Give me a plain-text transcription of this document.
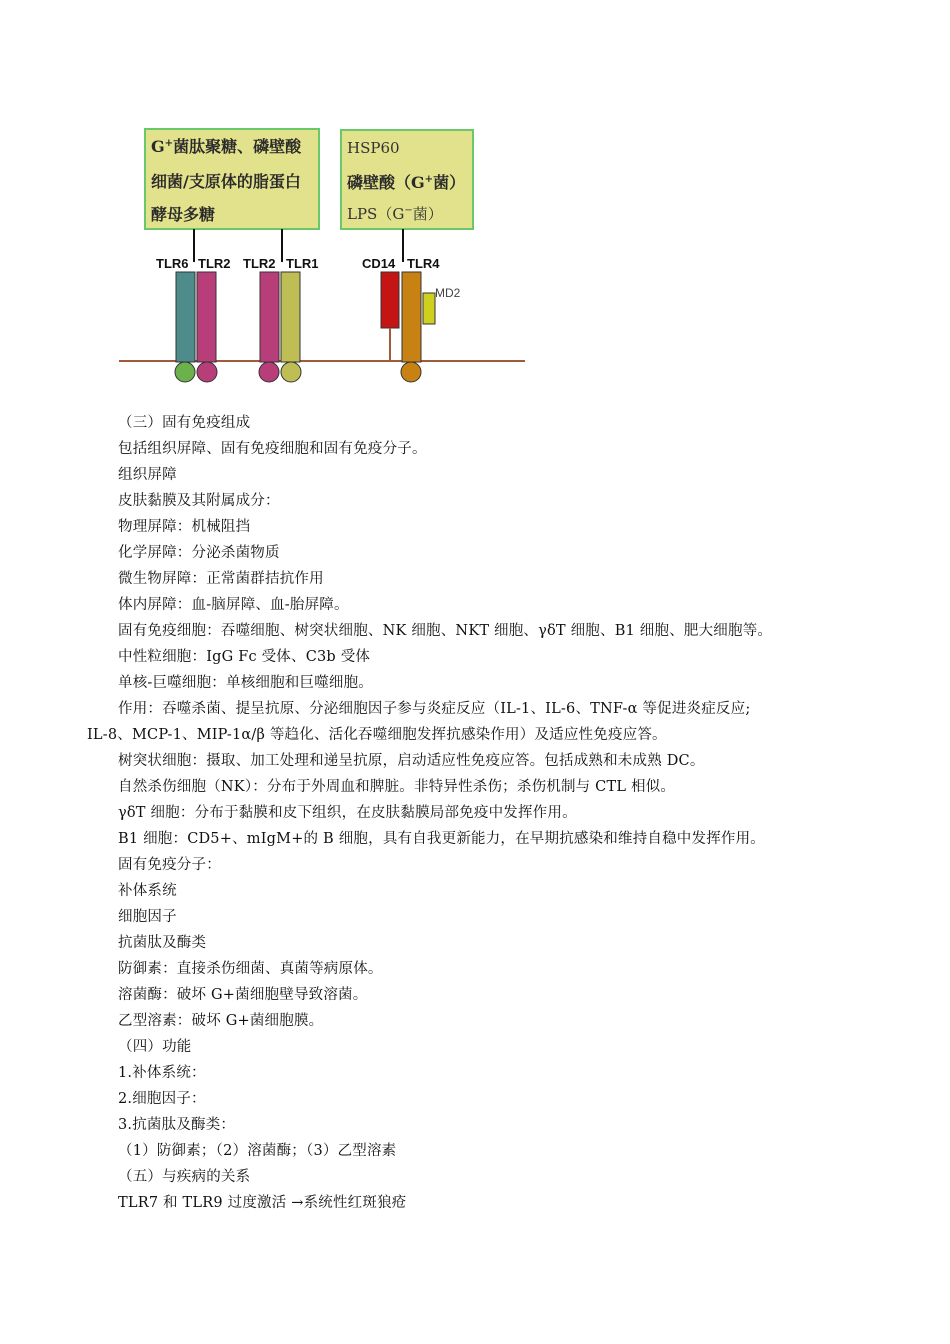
G+菌肽聚糖、磷壁酸
细菌/支原体的脂蛋白
酵母多糖
HSP60
磷壁酸（G+菌）
LPS（G−菌）
TLR6 TLR2 TLR2 TLR1	CD14 TLR4
MD2
（三）固有免疫组成
包括组织屏障、固有免疫细胞和固有免疫分子。
组织屏障
皮肤黏膜及其附属成分：
物理屏障：机械阻挡
化学屏障：分泌杀菌物质
微生物屏障：正常菌群拮抗作用
体内屏障：血-脑屏障、血-胎屏障。
固有免疫细胞：吞噬细胞、树突状细胞、NK 细胞、NKT 细胞、γδT 细胞、B1 细胞、肥大细胞等。
中性粒细胞：IgG Fc 受体、C3b 受体
单核-巨噬细胞：单核细胞和巨噬细胞。
作用：吞噬杀菌、提呈抗原、分泌细胞因子参与炎症反应（IL-1、IL-6、TNF-α 等促进炎症反应;
IL-8、MCP-1、MIP-1α/β 等趋化、活化吞噬细胞发挥抗感染作用）及适应性免疫应答。
树突状细胞：摄取、加工处理和递呈抗原，启动适应性免疫应答。包括成熟和未成熟 DC。
自然杀伤细胞（NK）：分布于外周血和脾脏。非特异性杀伤；杀伤机制与 CTL 相似。
γδT 细胞：分布于黏膜和皮下组织，在皮肤黏膜局部免疫中发挥作用。
B1 细胞：CD5+、mIgM+的 B 细胞，具有自我更新能力，在早期抗感染和维持自稳中发挥作用。
固有免疫分子：
补体系统
细胞因子
抗菌肽及酶类
防御素：直接杀伤细菌、真菌等病原体。
溶菌酶：破坏 G+菌细胞壁导致溶菌。
乙型溶素：破坏 G+菌细胞膜。
（四）功能
1.补体系统：
2.细胞因子：
3.抗菌肽及酶类：
（1）防御素；（2）溶菌酶；（3）乙型溶素
（五）与疾病的关系
TLR7 和 TLR9 过度激活 →系统性红斑狼疮
